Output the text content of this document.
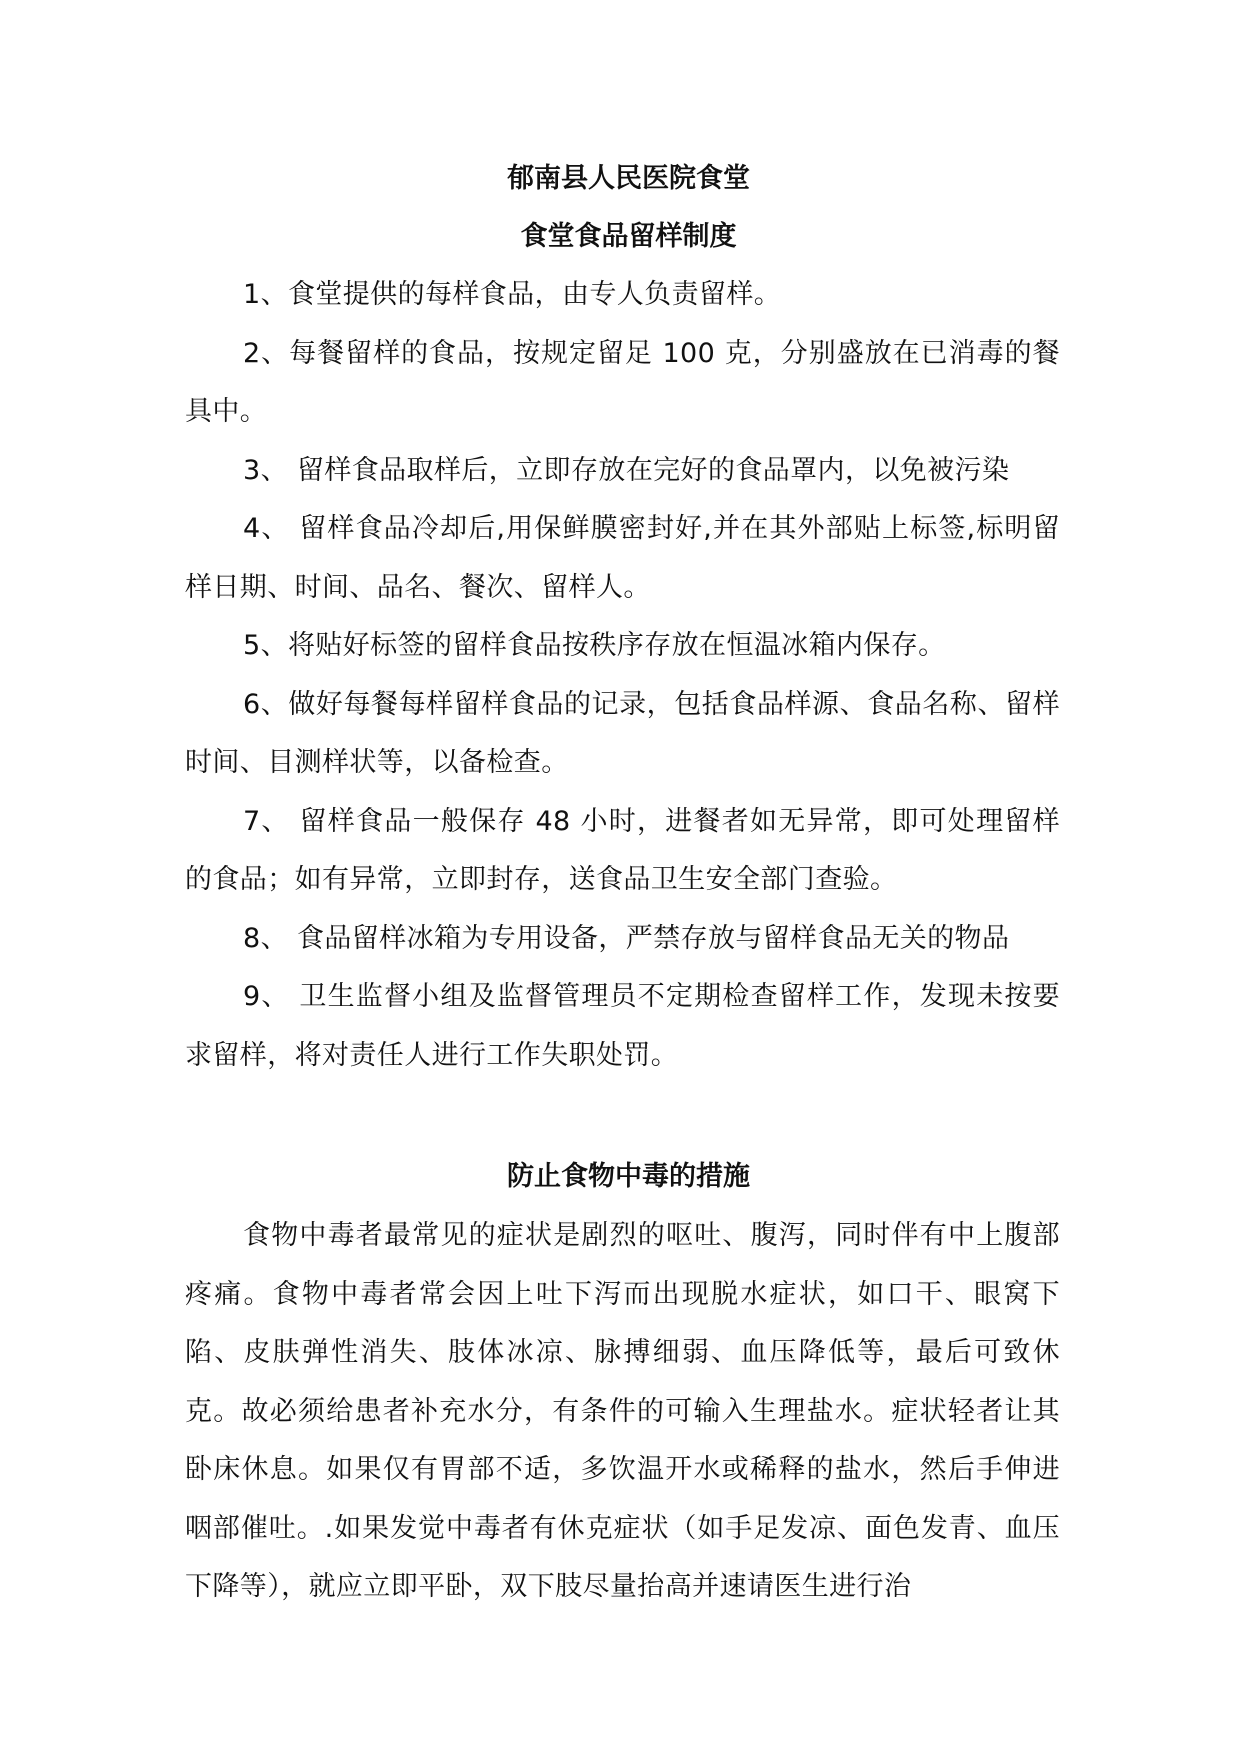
郁南县人民医院食堂
食堂食品留样制度

1、食堂提供的每样食品，由专人负责留样。

2、每餐留样的食品，按规定留足 100 克，分别盛放在已消毒的餐具中。

3、 留样食品取样后，立即存放在完好的食品罩内，以免被污染

4、 留样食品冷却后,用保鲜膜密封好,并在其外部贴上标签,标明留样日期、时间、品名、餐次、留样人。

5、将贴好标签的留样食品按秩序存放在恒温冰箱内保存。

6、做好每餐每样留样食品的记录，包括食品样源、食品名称、留样时间、目测样状等，以备检查。

7、 留样食品一般保存 48 小时，进餐者如无异常，即可处理留样的食品；如有异常，立即封存，送食品卫生安全部门查验。

8、 食品留样冰箱为专用设备，严禁存放与留样食品无关的物品

9、 卫生监督小组及监督管理员不定期检查留样工作，发现未按要求留样，将对责任人进行工作失职处罚。

防止食物中毒的措施

食物中毒者最常见的症状是剧烈的呕吐、腹泻，同时伴有中上腹部疼痛。食物中毒者常会因上吐下泻而出现脱水症状，如口干、眼窝下陷、皮肤弹性消失、肢体冰凉、脉搏细弱、血压降低等，最后可致休克。故必须给患者补充水分，有条件的可输入生理盐水。症状轻者让其卧床休息。如果仅有胃部不适，多饮温开水或稀释的盐水，然后手伸进咽部催吐。.如果发觉中毒者有休克症状（如手足发凉、面色发青、血压下降等），就应立即平卧，双下肢尽量抬高并速请医生进行治
